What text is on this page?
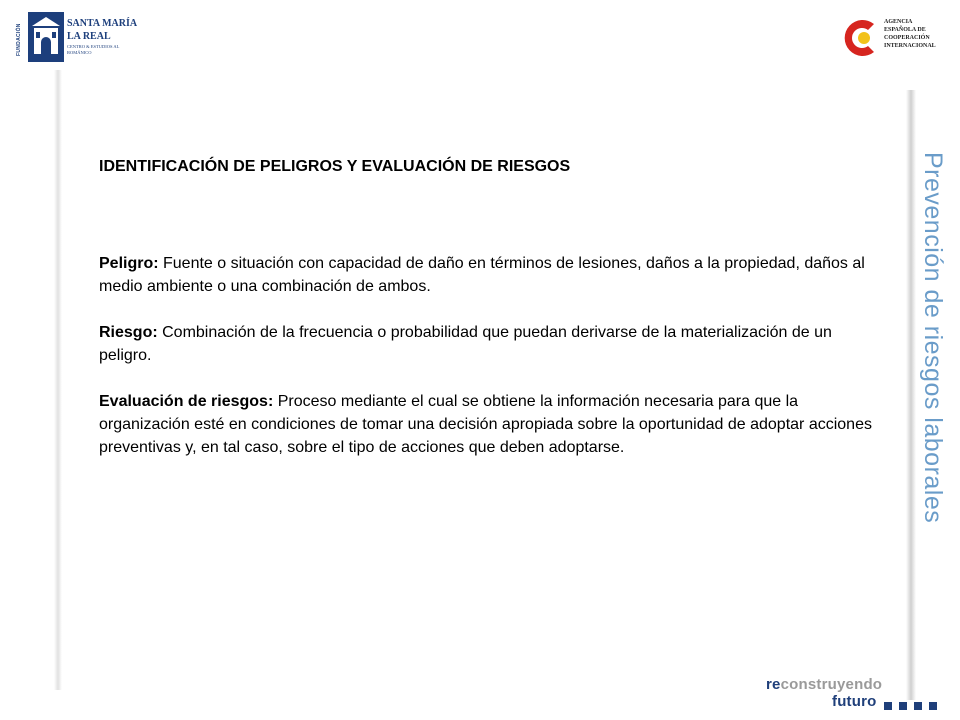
FUNDACIÓN
SANTA MARÍA
LA REAL
CENTRO & ESTUDIOS AL ROMÁNICO
AGENCIA
ESPAÑOLA DE
COOPERACIÓN
INTERNACIONAL
Prevención de riesgos laborales
IDENTIFICACIÓN DE PELIGROS Y EVALUACIÓN DE RIESGOS

Peligro: Fuente o situación con capacidad de daño en términos de lesiones, daños a la propiedad, daños al medio ambiente o una combinación de ambos.

Riesgo: Combinación de la frecuencia o probabilidad que puedan derivarse de la materialización de un peligro.

Evaluación de riesgos: Proceso mediante el cual se obtiene la información necesaria para que la organización esté en condiciones de tomar una decisión apropiada sobre la oportunidad de adoptar acciones preventivas y, en tal caso, sobre el tipo de acciones que deben adoptarse.

reconstruyendo
futuro
